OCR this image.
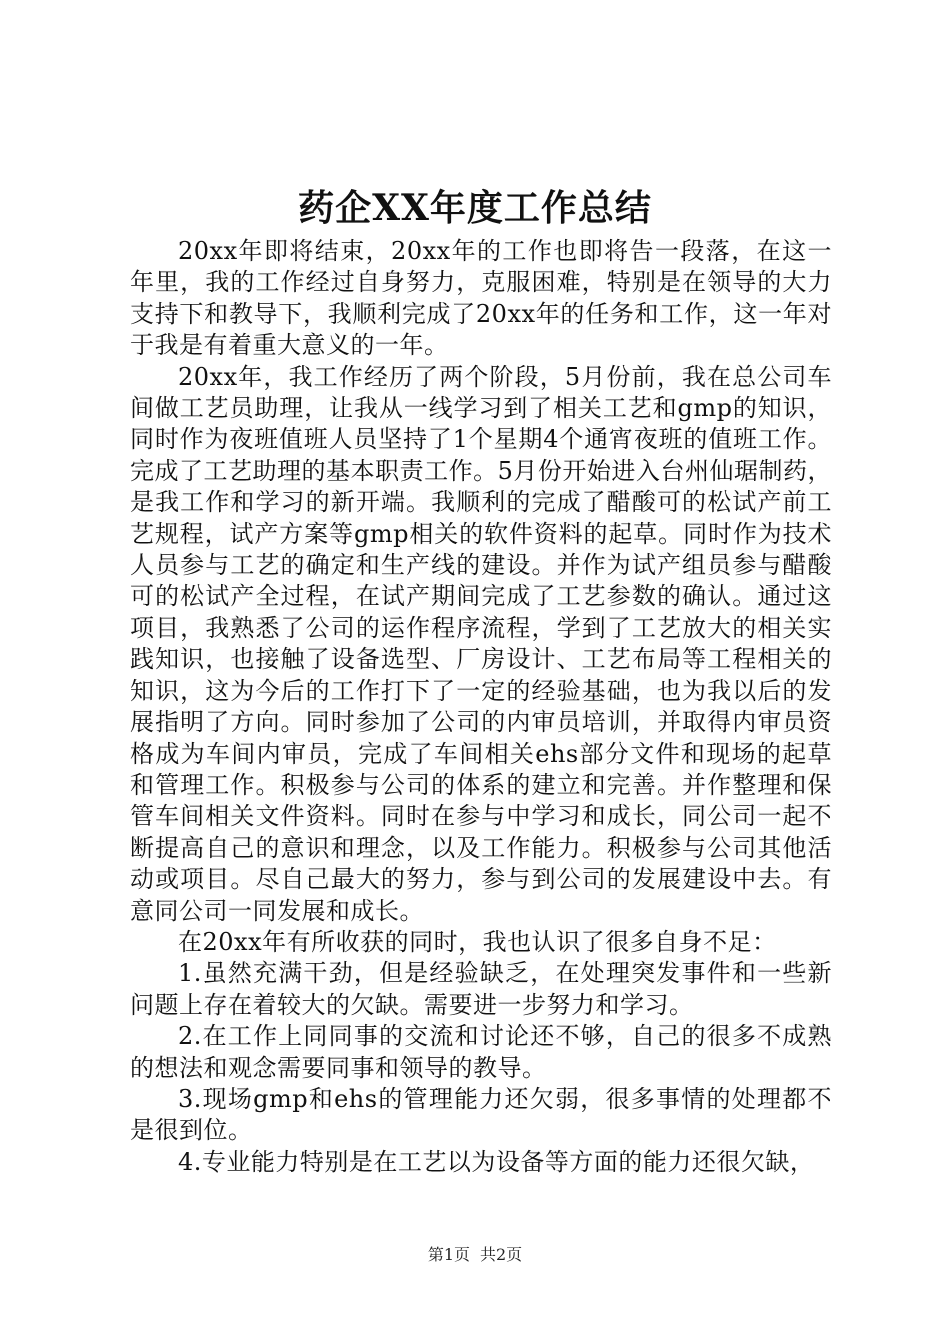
药企XX年度工作总结

20xx年即将结束，20xx年的工作也即将告一段落，在这一年里，我的工作经过自身努力，克服困难，特别是在领导的大力支持下和教导下，我顺利完成了20xx年的任务和工作，这一年对于我是有着重大意义的一年。

20xx年，我工作经历了两个阶段，5月份前，我在总公司车间做工艺员助理，让我从一线学习到了相关工艺和gmp的知识，同时作为夜班值班人员坚持了1个星期4个通宵夜班的值班工作。完成了工艺助理的基本职责工作。5月份开始进入台州仙琚制药，是我工作和学习的新开端。我顺利的完成了醋酸可的松试产前工艺规程，试产方案等gmp相关的软件资料的起草。同时作为技术人员参与工艺的确定和生产线的建设。并作为试产组员参与醋酸可的松试产全过程，在试产期间完成了工艺参数的确认。通过这项目，我熟悉了公司的运作程序流程，学到了工艺放大的相关实践知识，也接触了设备选型、厂房设计、工艺布局等工程相关的知识，这为今后的工作打下了一定的经验基础，也为我以后的发展指明了方向。同时参加了公司的内审员培训，并取得内审员资格成为车间内审员，完成了车间相关ehs部分文件和现场的起草和管理工作。积极参与公司的体系的建立和完善。并作整理和保管车间相关文件资料。同时在参与中学习和成长，同公司一起不断提高自己的意识和理念，以及工作能力。积极参与公司其他活动或项目。尽自己最大的努力，参与到公司的发展建设中去。有意同公司一同发展和成长。

在20xx年有所收获的同时，我也认识了很多自身不足：

1.虽然充满干劲，但是经验缺乏，在处理突发事件和一些新问题上存在着较大的欠缺。需要进一步努力和学习。

2.在工作上同同事的交流和讨论还不够，自己的很多不成熟的想法和观念需要同事和领导的教导。

3.现场gmp和ehs的管理能力还欠弱，很多事情的处理都不是很到位。

4.专业能力特别是在工艺以为设备等方面的能力还很欠缺，

第1页 共2页
